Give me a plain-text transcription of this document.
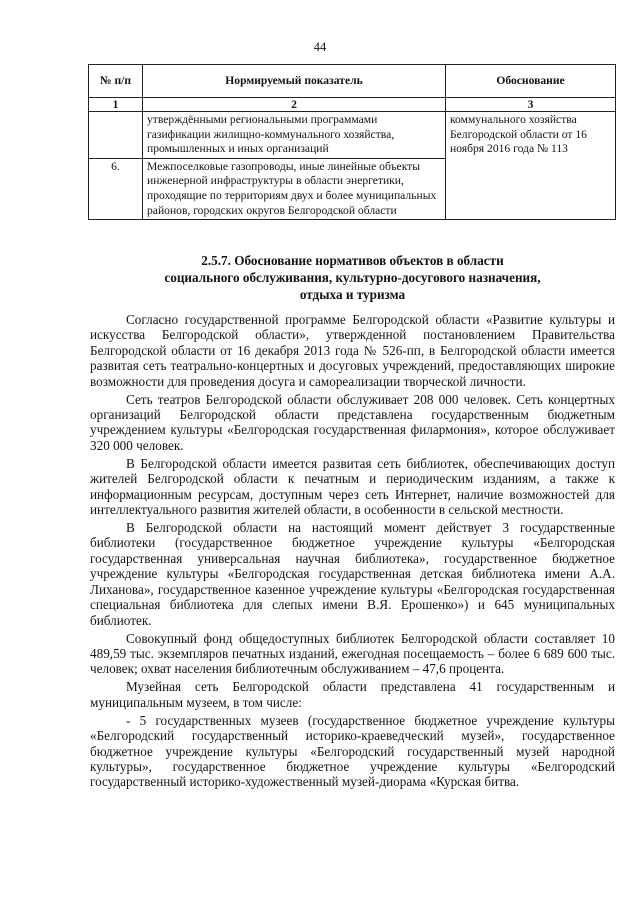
44
№ п/п	Нормируемый показатель	Обоснование
1	2	3
	утверждёнными региональными программами газификации жилищно-коммунального хозяйства, промышленных и иных организаций	коммунального хозяйства Белгородской области от 16 ноября 2016 года № 113
6.	Межпоселковые газопроводы, иные линейные объекты инженерной инфраструктуры в области энергетики, проходящие по территориям двух и более муниципальных районов, городских округов Белгородской области	
2.5.7. Обоснование нормативов объектов в области
социального обслуживания, культурно-досугового назначения,
отдыха и туризма

Согласно государственной программе Белгородской области «Развитие культуры и искусства Белгородской области», утвержденной постановлением Правительства Белгородской области от 16 декабря 2013 года № 526-пп, в Белгородской области имеется развитая сеть театрально-концертных и досуговых учреждений, предоставляющих широкие возможности для проведения досуга и самореализации творческой личности.

Сеть театров Белгородской области обслуживает 208 000 человек. Сеть концертных организаций Белгородской области представлена государственным бюджетным учреждением культуры «Белгородская государственная филармония», которое обслуживает 320 000 человек.

В Белгородской области имеется развитая сеть библиотек, обеспечивающих доступ жителей Белгородской области к печатным и периодическим изданиям, а также к информационным ресурсам, доступным через сеть Интернет, наличие возможностей для интеллектуального развития жителей области, в особенности в сельской местности.

В Белгородской области на настоящий момент действует 3 государственные библиотеки (государственное бюджетное учреждение культуры «Белгородская государственная универсальная научная библиотека», государственное бюджетное учреждение культуры «Белгородская государственная детская библиотека имени А.А. Лиханова», государственное казенное учреждение культуры «Белгородская государственная специальная библиотека для слепых имени В.Я. Ерошенко») и 645 муниципальных библиотек.

Совокупный фонд общедоступных библиотек Белгородской области составляет 10 489,59 тыс. экземпляров печатных изданий, ежегодная посещаемость – более 6 689 600 тыс. человек; охват населения библиотечным обслуживанием – 47,6 процента.

Музейная сеть Белгородской области представлена 41 государственным и муниципальным музеем, в том числе:

- 5 государственных музеев (государственное бюджетное учреждение культуры «Белгородский государственный историко-краеведческий музей», государственное бюджетное учреждение культуры «Белгородский государственный музей народной культуры», государственное бюджетное учреждение культуры «Белгородский государственный историко-художественный музей-диорама «Курская битва.
